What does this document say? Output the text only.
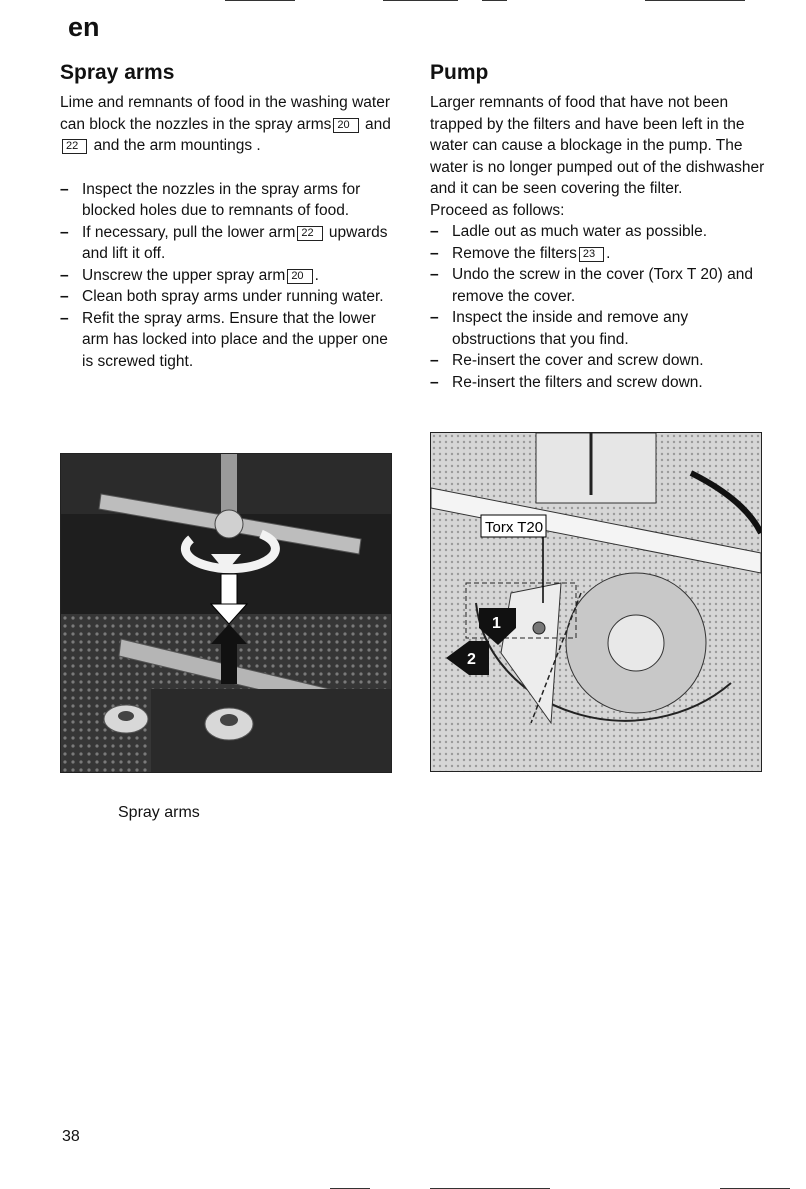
en
Spray arms

Lime and remnants of food in the washing water can block the nozzles in the spray arms 20 and22 and the arm mountings .

– Inspect the nozzles in the spray arms for blocked holes due to remnants of food.
– If necessary, pull the lower arm 22 upwards and lift it off.
– Unscrew the upper spray arm 20 .
– Clean both spray arms under running water.
– Refit the spray arms. Ensure that the lower arm has locked into place and the upper one is screwed tight.
Spray arms
Pump

Larger remnants of food that have not been trapped by the filters and have been left in the water can cause a blockage in the pump. The water is no longer pumped out of the dishwasher and it can be seen covering the filter.

Proceed as follows:

– Ladle out as much water as possible.
– Remove the filters 23 .
– Undo the screw in the cover (Torx T 20) and remove the cover.
– Inspect the inside and remove any obstructions that you find.
– Re-insert the cover and screw down.
– Re-insert the filters and screw down.
Torx T20
1
2
38
